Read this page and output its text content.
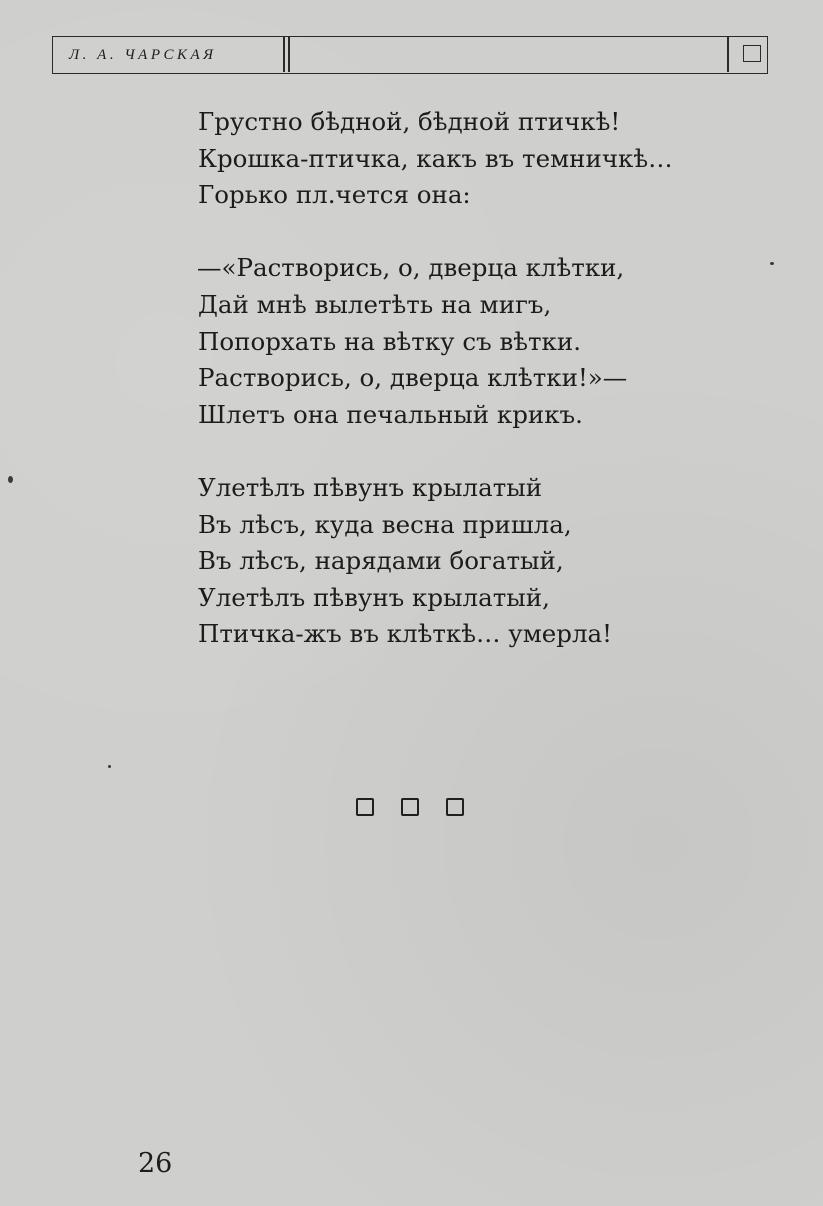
Л. А. ЧАРСКАЯ
Грустно бѣдной, бѣдной птичкѣ!
Крошка-птичка, какъ въ темничкѣ…
Горько пл.чется она:
—«Растворись, о, дверца клѣтки,
Дай мнѣ вылетѣть на мигъ,
Попорхать на вѣтку съ вѣтки.
Растворись, о, дверца клѣтки!»—
Шлетъ она печальный крикъ.
Улетѣлъ пѣвунъ крылатый
Въ лѣсъ, куда весна пришла,
Въ лѣсъ, нарядами богатый,
Улетѣлъ пѣвунъ крылатый,
Птичка-жъ въ клѣткѣ… умерла!
26
